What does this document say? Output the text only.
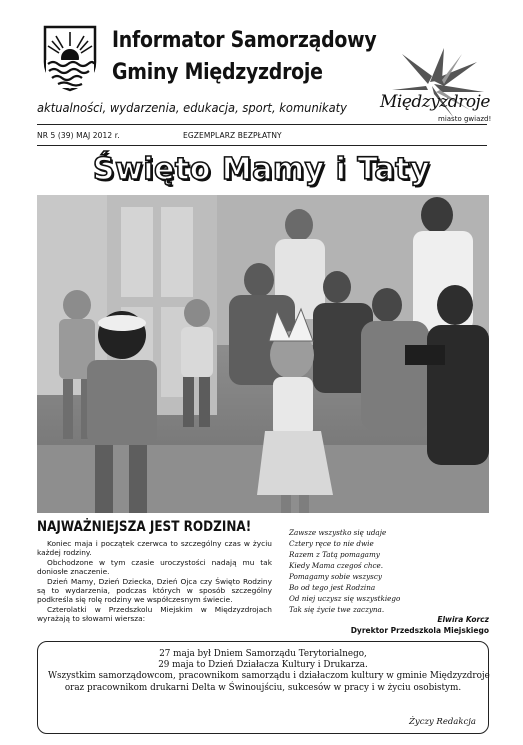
Informator Samorządowy
Gminy Międzyzdroje
aktualności, wydarzenia, edukacja, sport, komunikaty Międzyzdroje
miasto gwiazd!
NR 5 (39) MAJ 2012 r.	EGZEMPLARZ BEZPŁATNY
Święto Mamy i Taty
NAJWAŻNIEJSZA JEST RODZINA!

Koniec maja i początek czerwca to szczególny czas w życiu każdej rodziny.

Obchodzone w tym czasie uroczystości nadają mu tak doniosłe znaczenie.

Dzień Mamy, Dzień Dziecka, Dzień Ojca czy Święto Rodziny są to wydarzenia, podczas których w sposób szczególny podkreśla się rolę rodziny we współczesnym świecie.

Czterolatki w Przedszkolu Miejskim w Międzyzdrojach wyrażają to słowami wiersza:

Zawsze wszystko się udaje
Cztery ręce to nie dwie
Razem z Tatą pomagamy
Kiedy Mama czegoś chce.
Pomagamy sobie wszyscy
Bo od tego jest Rodzina
Od niej uczysz się wszystkiego
Tak się życie twe zaczyna.
Elwira Korcz
Dyrektor Przedszkola Miejskiego
27 maja był Dniem Samorządu Terytorialnego,
29 maja to Dzień Działacza Kultury i Drukarza.
Wszystkim samorządowcom, pracownikom samorządu i działaczom kultury w gminie Międzyzdroje
oraz pracownikom drukarni Delta w Świnoujściu, sukcesów w pracy i w życiu osobistym.
Życzy Redakcja
